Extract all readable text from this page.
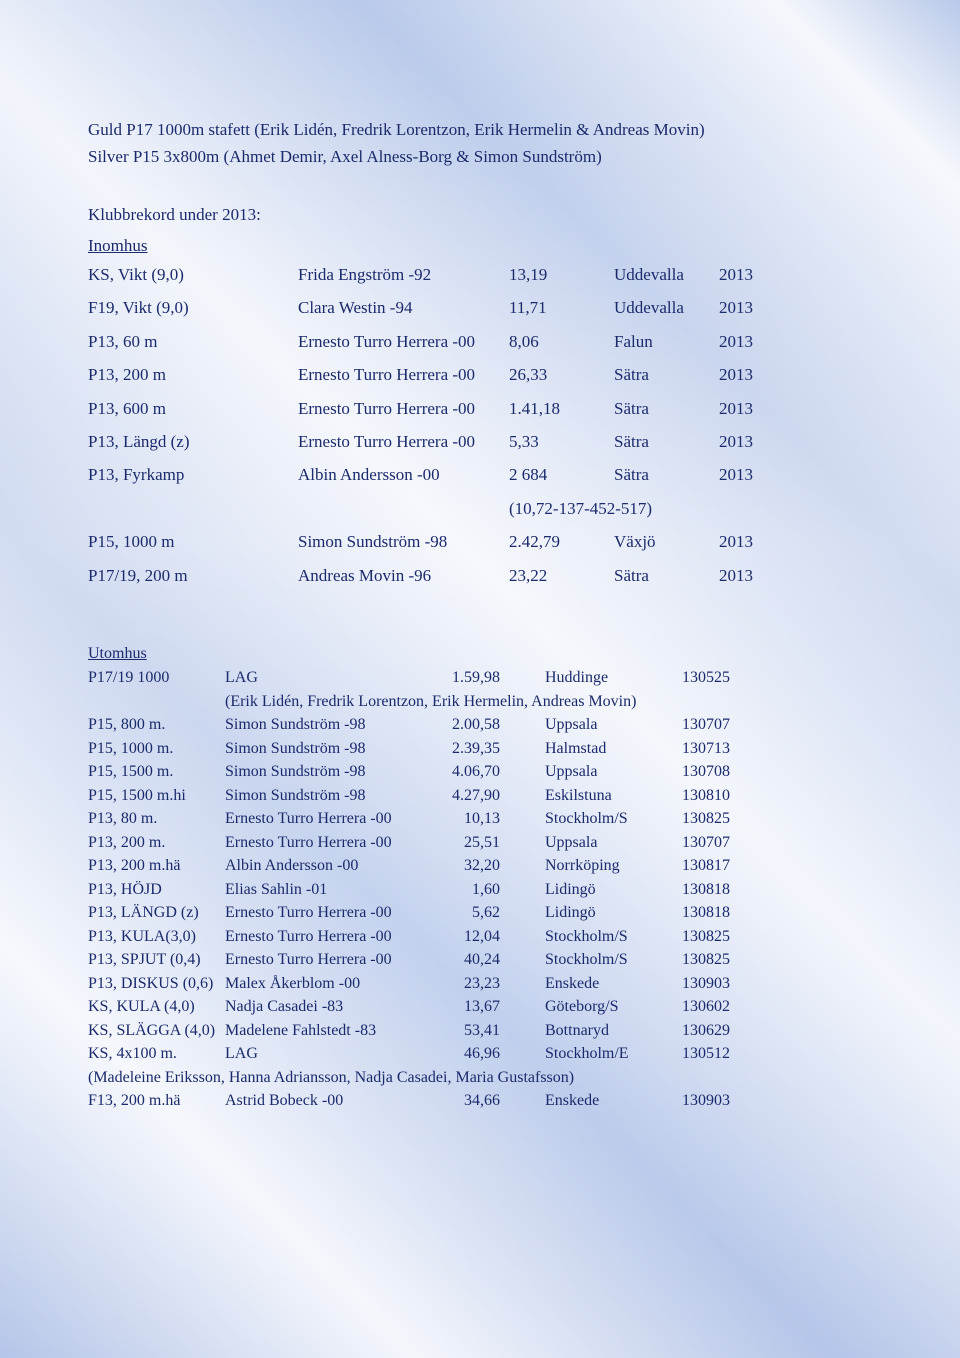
Guld P17 1000m stafett (Erik Lidén, Fredrik Lorentzon, Erik Hermelin & Andreas Movin)
Silver P15 3x800m (Ahmet Demir, Axel Alness-Borg & Simon Sundström)
Klubbrekord under 2013:
Inomhus
KS, Vikt (9,0)	Frida Engström -92	13,19	Uddevalla 2013
F19, Vikt (9,0)	Clara Westin -94	11,71	Uddevalla 2013
P13, 60 m	Ernesto Turro Herrera -00 8,06	Falun	2013
P13, 200 m	Ernesto Turro Herrera -00 26,33	Sätra	2013
P13, 600 m	Ernesto Turro Herrera -00 1.41,18	Sätra	2013
P13, Längd (z)	Ernesto Turro Herrera -00 5,33	Sätra	2013
P13, Fyrkamp	Albin Andersson -00	2 684	Sätra	2013
(10,72-137-452-517)
P15, 1000 m	Simon Sundström -98	2.42,79	Växjö	2013
P17/19, 200 m	Andreas Movin -96	23,22	Sätra	2013
Utomhus
P17/19 1000	LAG	1.59,98	Huddinge	130525
(Erik Lidén, Fredrik Lorentzon, Erik Hermelin, Andreas Movin)
P15, 800 m.	Simon Sundström -98	2.00,58	Uppsala	130707
P15, 1000 m.	Simon Sundström -98	2.39,35	Halmstad	130713
P15, 1500 m.	Simon Sundström -98	4.06,70	Uppsala	130708
P15, 1500 m.hi Simon Sundström -98	4.27,90	Eskilstuna	130810
P13, 80 m.	Ernesto Turro Herrera -00	10,13	Stockholm/S	130825
P13, 200 m.	Ernesto Turro Herrera -00	25,51	Uppsala	130707
P13, 200 m.hä	Albin Andersson -00	32,20	Norrköping	130817
P13, HÖJD	Elias Sahlin -01	1,60	Lidingö	130818
P13, LÄNGD (z) Ernesto Turro Herrera -00	5,62	Lidingö	130818
P13, KULA(3,0) Ernesto Turro Herrera -00	12,04	Stockholm/S	130825
P13, SPJUT (0,4) Ernesto Turro Herrera -00	40,24	Stockholm/S	130825
P13, DISKUS (0,6) Malex Åkerblom -00	23,23	Enskede	130903
KS, KULA (4,0) Nadja Casadei -83	13,67	Göteborg/S	130602
KS, SLÄGGA (4,0) Madelene Fahlstedt -83	53,41	Bottnaryd	130629
KS, 4x100 m.	LAG	46,96	Stockholm/E	130512
(Madeleine Eriksson, Hanna Adriansson, Nadja Casadei, Maria Gustafsson)
F13, 200 m.hä	Astrid Bobeck -00	34,66	Enskede	130903
